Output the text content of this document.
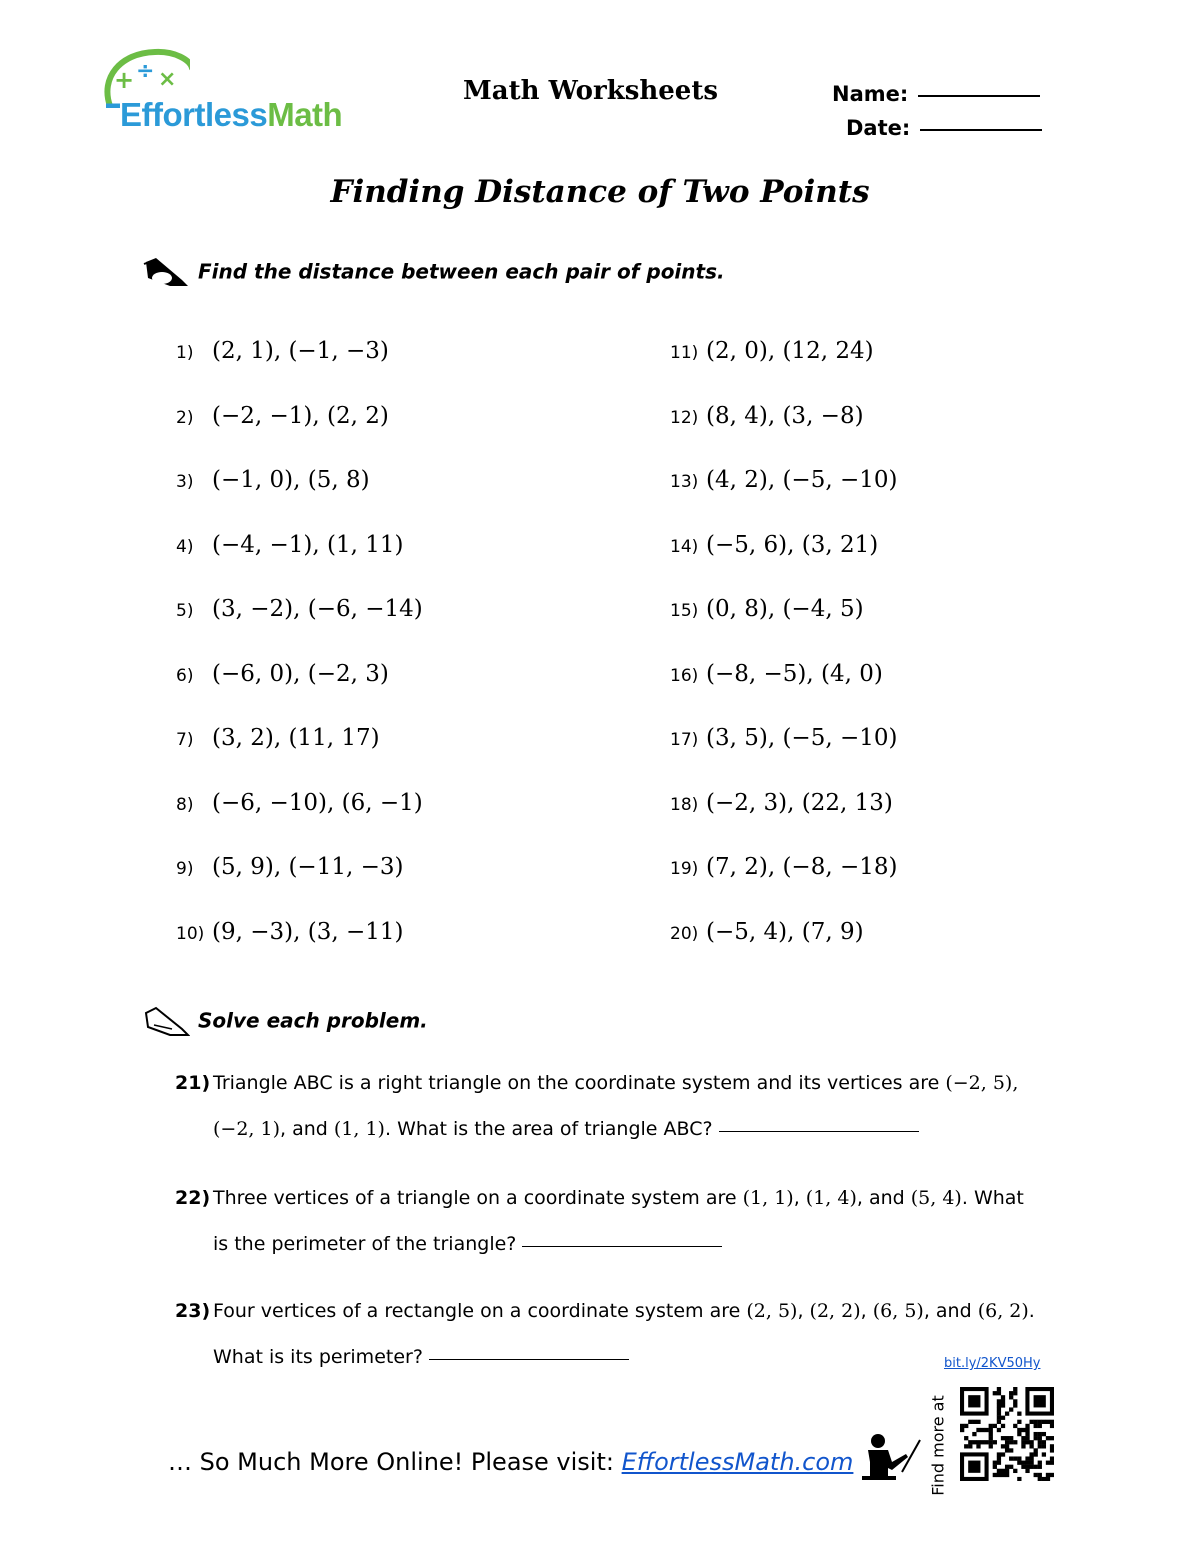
+ ÷ ×
EffortlessMath
Math Worksheets	Name:
Date:
Finding Distance of Two Points
Find the distance between each pair of points.
1) (2, 1), (−1, −3)
2) (−2, −1), (2, 2)
3) (−1, 0), (5, 8)
4) (−4, −1), (1, 11)
5) (3, −2), (−6, −14)
6) (−6, 0), (−2, 3)
7) (3, 2), (11, 17)
8) (−6, −10), (6, −1)
9) (5, 9), (−11, −3)
10) (9, −3), (3, −11)
11) (2, 0), (12, 24)
12) (8, 4), (3, −8)
13) (4, 2), (−5, −10)
14) (−5, 6), (3, 21)
15) (0, 8), (−4, 5)
16) (−8, −5), (4, 0)
17) (3, 5), (−5, −10)
18) (−2, 3), (22, 13)
19) (7, 2), (−8, −18)
20) (−5, 4), (7, 9)
Solve each problem.
21) Triangle ABC is a right triangle on the coordinate system and its vertices are (−2, 5),
(−2, 1), and (1, 1). What is the area of triangle ABC?
22) Three vertices of a triangle on a coordinate system are (1, 1), (1, 4), and (5, 4). What
is the perimeter of the triangle?
23) Four vertices of a rectangle on a coordinate system are (2, 5), (2, 2), (6, 5), and (6, 2).
What is its perimeter?	bit.ly/2KV50Hy
… So Much More Online! Please visit: EffortlessMath.com	Find more at
